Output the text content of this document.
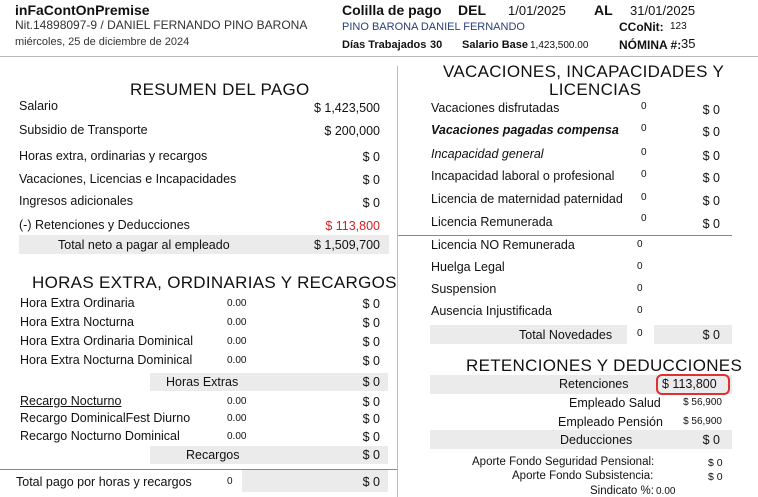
inFaContOnPremise
Nit.14898097-9 / DANIEL FERNANDO PINO BARONA
miércoles, 25 de diciembre de 2024
Colilla de pago DEL 1/01/2025 AL 31/01/2025
PINO BARONA DANIEL FERNANDO	CCoNit: 123
Días Trabajados 30 Salario Base 1,423,500.00	NÓMINA #: 35
RESUMEN DEL PAGO
Salario	$ 1,423,500
Subsidio de Transporte	$ 200,000
Horas extra, ordinarias y recargos	$ 0
Vacaciones, Licencias e Incapacidades	$ 0
Ingresos adicionales	$ 0
(-) Retenciones y Deducciones	$ 113,800
Total neto a pagar al empleado	$ 1,509,700
HORAS EXTRA, ORDINARIAS Y RECARGOS
Hora Extra Ordinaria	0.00	$ 0
Hora Extra Nocturna	0.00	$ 0
Hora Extra Ordinaria Dominical	0.00	$ 0
Hora Extra Nocturna Dominical	0.00	$ 0
Horas Extras	$ 0
Recargo Nocturno	0.00	$ 0
Recargo DominicalFest Diurno	0.00	$ 0
Recargo Nocturno Dominical	0.00	$ 0
Recargos	$ 0
Total pago por horas y recargos	0	$ 0
VACACIONES, INCAPACIDADES Y
LICENCIAS
Vacaciones disfrutadas	0	$ 0
Vacaciones pagadas compensa 0	$ 0
Incapacidad general	0	$ 0
Incapacidad laboral o profesional	0	$ 0
Licencia de maternidad paternidad 0	$ 0
Licencia Remunerada	0	$ 0
Licencia NO Remunerada	0
Huelga Legal	0
Suspension	0
Ausencia Injustificada	0
Total Novedades 0	$ 0
RETENCIONES Y DEDUCCIONES
Retenciones	$ 113,800
Empleado Salud	$ 56,900
Empleado Pensión	$ 56,900
Deducciones	$ 0
Aporte Fondo Seguridad Pensional:	$ 0
Aporte Fondo Subsistencia:	$ 0
Sindicato %: 0.00
